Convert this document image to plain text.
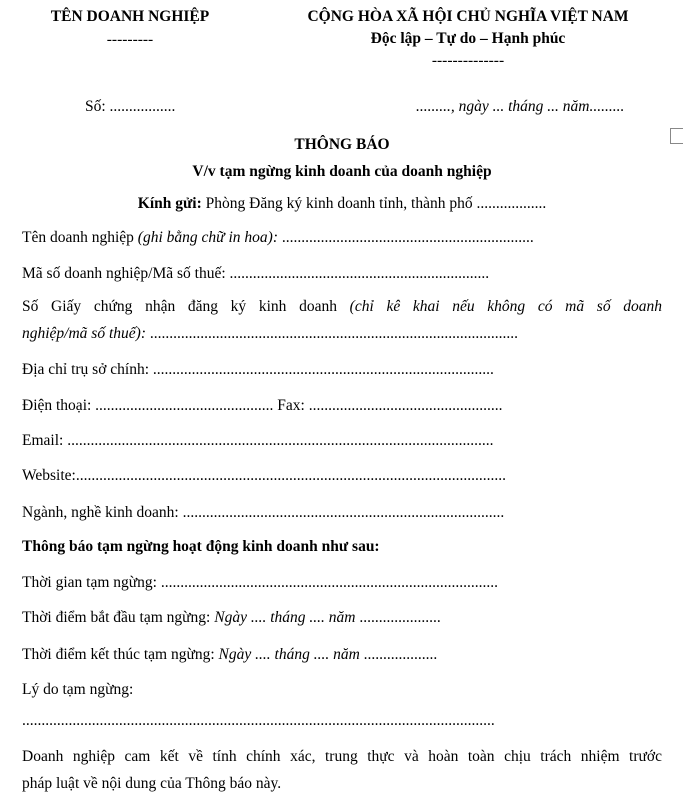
TÊN DOANH NGHIỆP
---------
CỘNG HÒA XÃ HỘI CHỦ NGHĨA VIỆT NAM
Độc lập – Tự do – Hạnh phúc
--------------
Số: .................	........., ngày ... tháng ... năm.........
THÔNG BÁO
V/v tạm ngừng kinh doanh của doanh nghiệp
Kính gửi: Phòng Đăng ký kinh doanh tỉnh, thành phố ..................
Tên doanh nghiệp (ghi bằng chữ in hoa): .................................................................
Mã số doanh nghiệp/Mã số thuế: ...................................................................
Số Giấy chứng nhận đăng ký kinh doanh (chỉ kê khai nếu không có mã số doanh
nghiệp/mã số thuế): ...............................................................................................
Địa chỉ trụ sở chính: ........................................................................................
Điện thoại: .............................................. Fax: ..................................................
Email: ..............................................................................................................
Website:...............................................................................................................
Ngành, nghề kinh doanh: ...................................................................................
Thông báo tạm ngừng hoạt động kinh doanh như sau:
Thời gian tạm ngừng: .......................................................................................
Thời điểm bắt đầu tạm ngừng: Ngày .... tháng .... năm .....................
Thời điểm kết thúc tạm ngừng: Ngày .... tháng .... năm ...................
Lý do tạm ngừng:
..........................................................................................................................
Doanh nghiệp cam kết về tính chính xác, trung thực và hoàn toàn chịu trách nhiệm trước
pháp luật về nội dung của Thông báo này.
